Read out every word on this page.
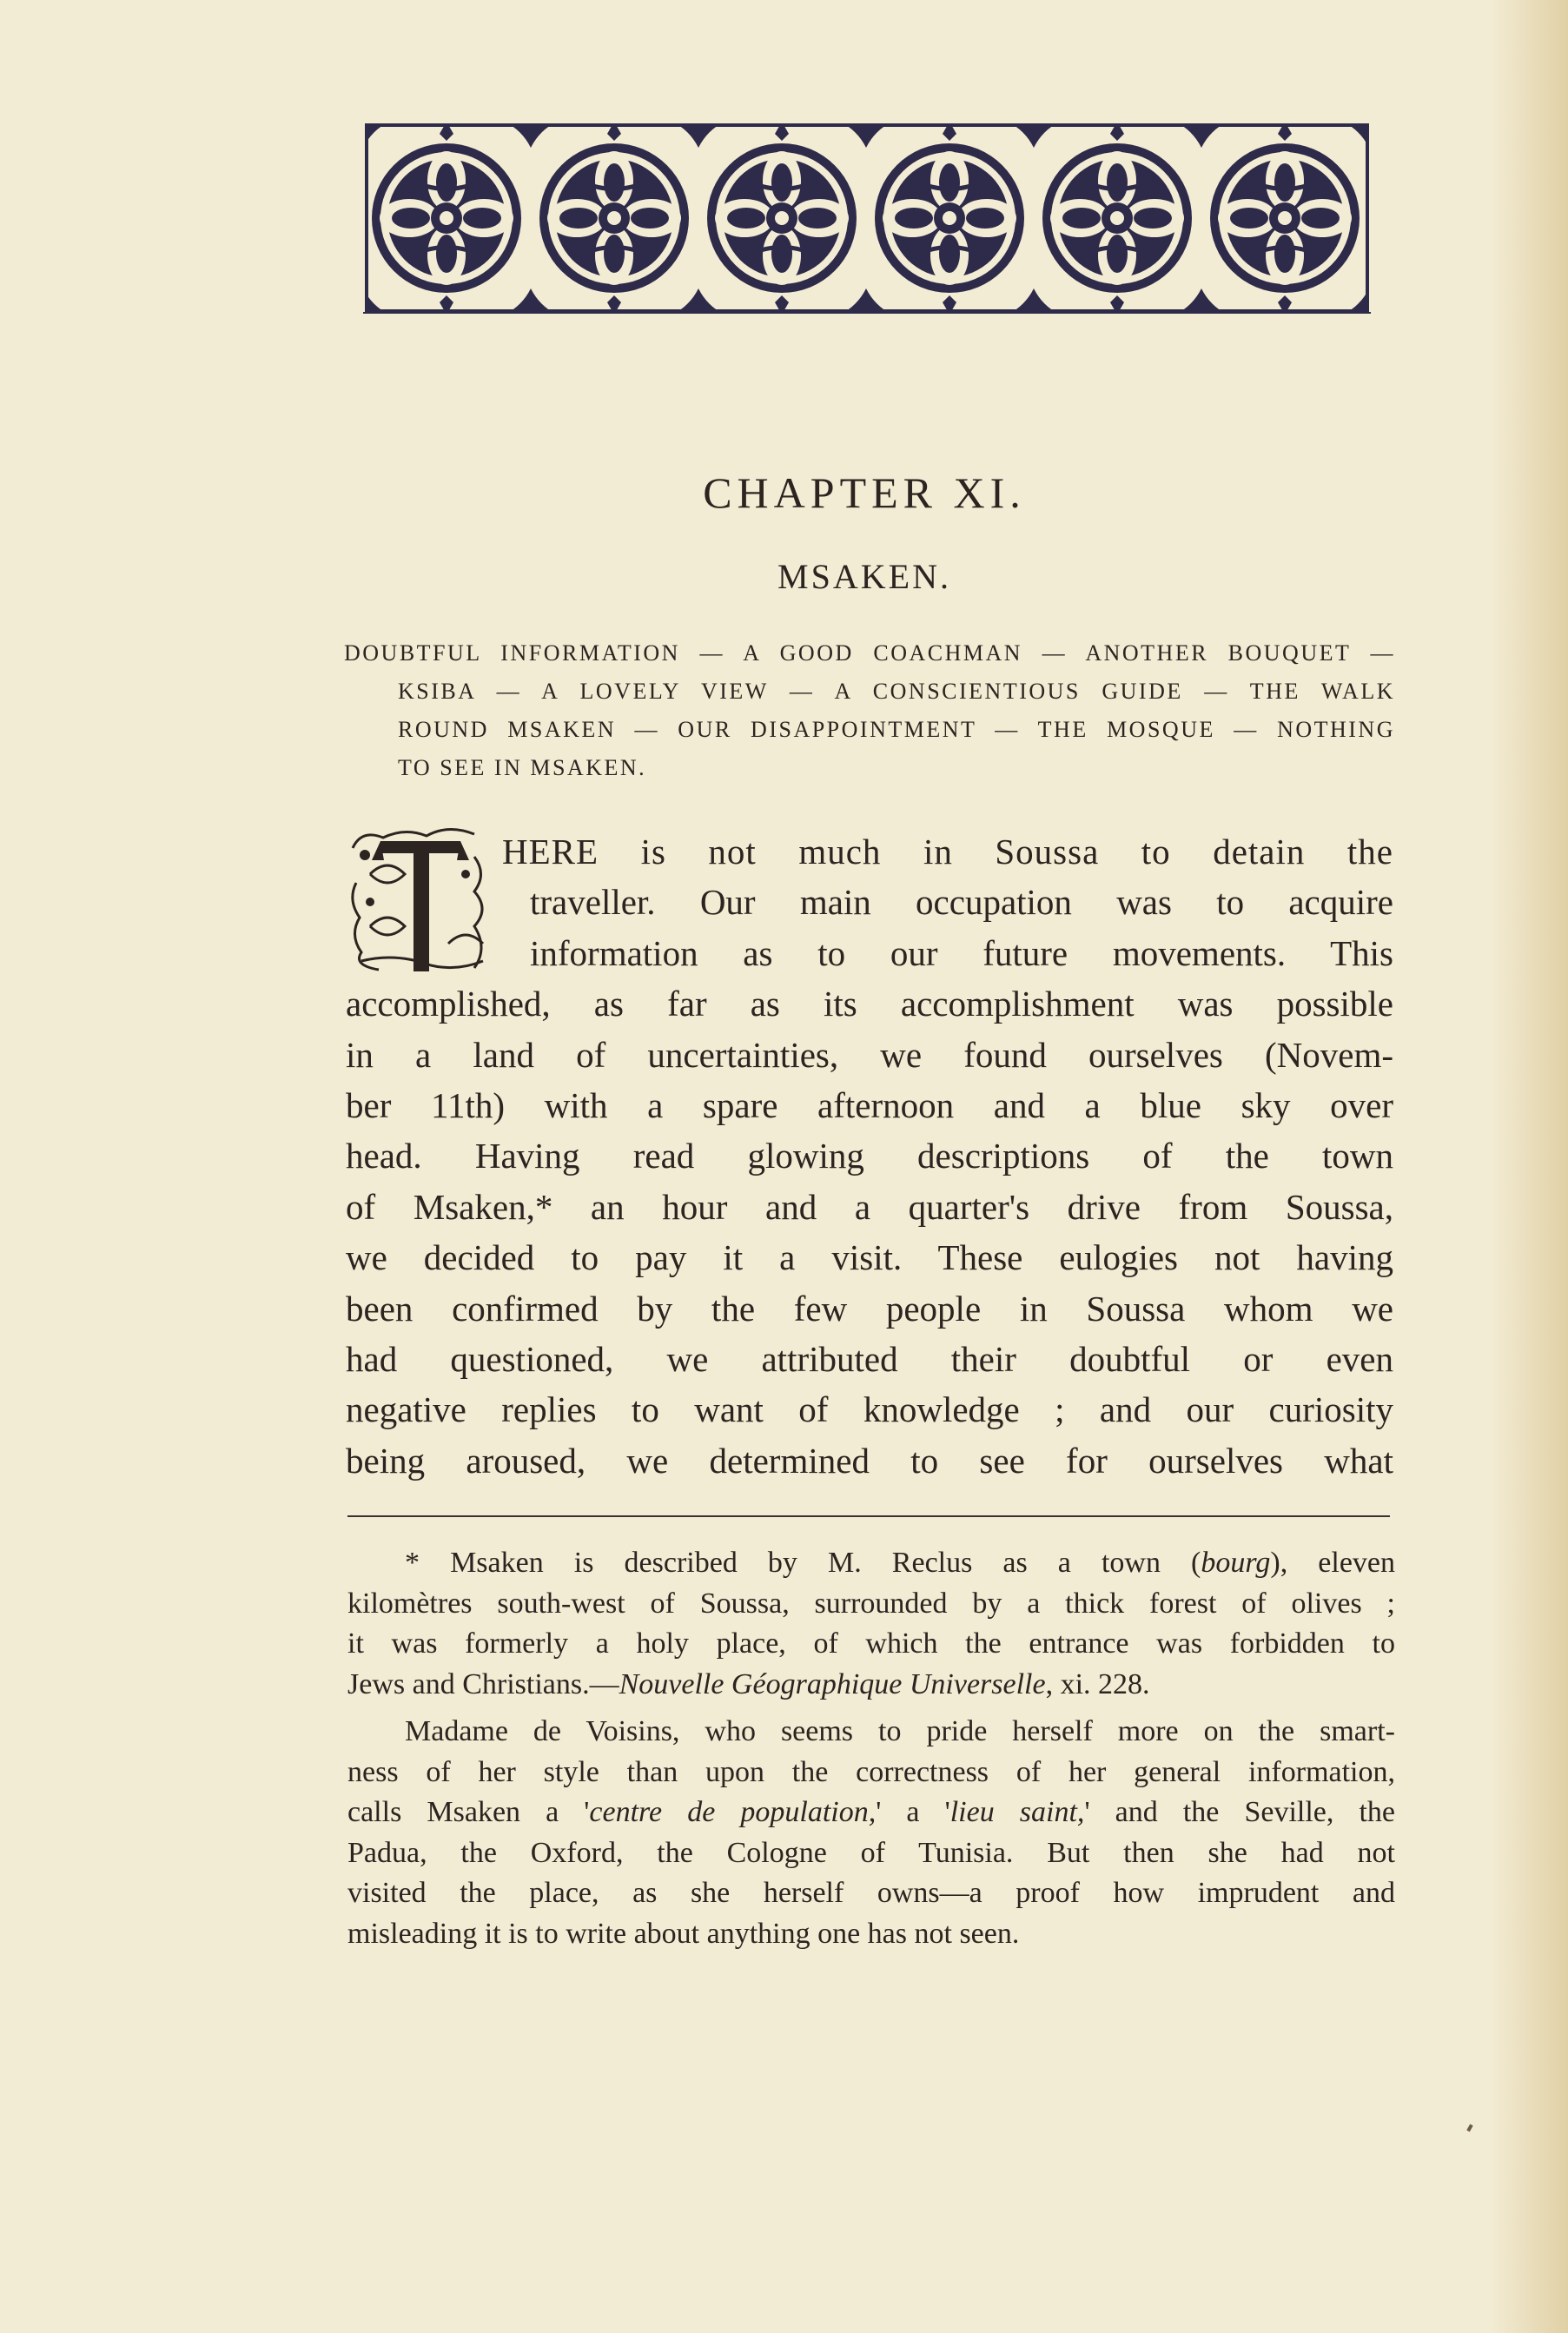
CHAPTER XI.
MSAKEN.
DOUBTFUL INFORMATION — A GOOD COACHMAN — ANOTHER BOUQUET —
KSIBA — A LOVELY VIEW — A CONSCIENTIOUS GUIDE — THE WALK
ROUND MSAKEN — OUR DISAPPOINTMENT — THE MOSQUE — NOTHING
TO SEE IN MSAKEN.
T
HERE is not much in Soussa to detain the
traveller. Our main occupation was to acquire
information as to our future movements. This
accomplished, as far as its accomplishment was possible
in a land of uncertainties, we found ourselves (Novem-
ber 11th) with a spare afternoon and a blue sky over
head. Having read glowing descriptions of the town
of Msaken,* an hour and a quarter's drive from Soussa,
we decided to pay it a visit. These eulogies not having
been confirmed by the few people in Soussa whom we
had questioned, we attributed their doubtful or even
negative replies to want of knowledge ; and our curiosity
being aroused, we determined to see for ourselves what
* Msaken is described by M. Reclus as a town (bourg), eleven
kilomètres south-west of Soussa, surrounded by a thick forest of olives ;
it was formerly a holy place, of which the entrance was forbidden to
Jews and Christians.—Nouvelle Géographique Universelle, xi. 228.
Madame de Voisins, who seems to pride herself more on the smart-
ness of her style than upon the correctness of her general information,
calls Msaken a 'centre de population,' a 'lieu saint,' and the Seville, the
Padua, the Oxford, the Cologne of Tunisia. But then she had not
visited the place, as she herself owns—a proof how imprudent and
misleading it is to write about anything one has not seen.
